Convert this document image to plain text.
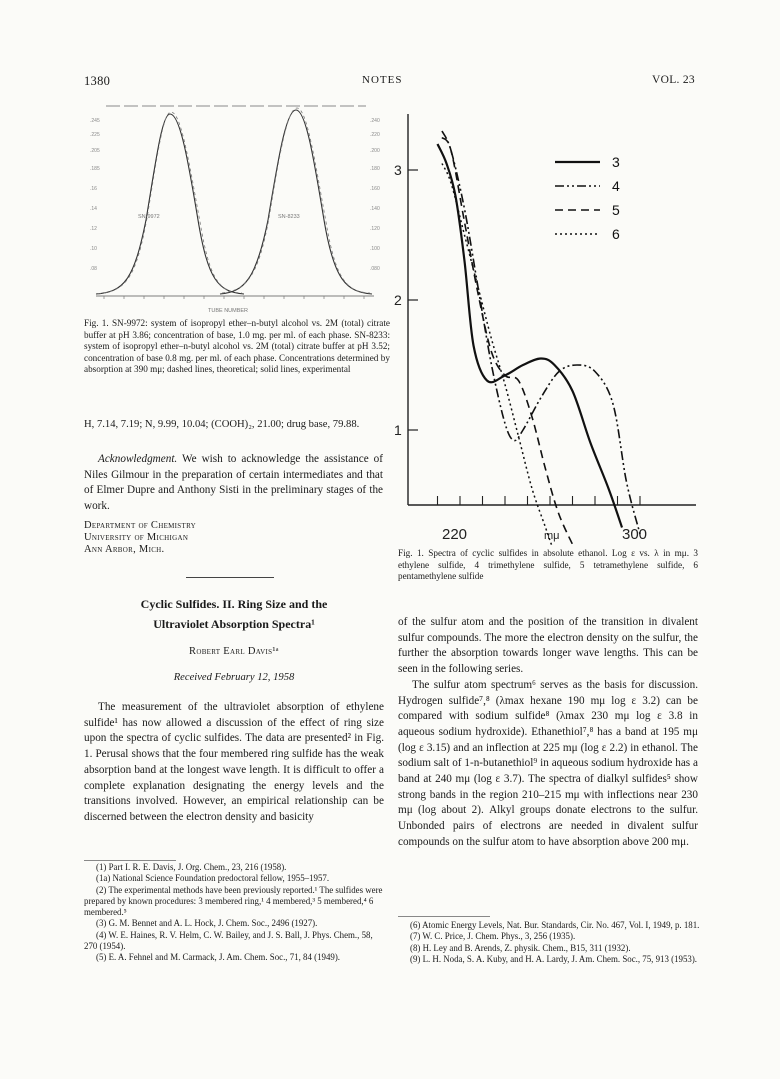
1380	NOTES	VOL. 23
.245
.225
.205
.185
.16
.14
.12
.10
.08
.240
.220
.200
.180
.160
.140
.120
.100
.080
SN-9972	SN-8233
TUBE NUMBER
Fig. 1. SN-9972: system of isopropyl ether–n-butyl alcohol vs. 2M (total) citrate buffer at pH 3.86; concentration of base, 1.0 mg. per ml. of each phase. SN-8233: system of isopropyl ether–n-butyl alcohol vs. 2M (total) citrate buffer at pH 3.52; concentration of base 0.8 mg. per ml. of each phase. Concentrations determined by absorption at 390 mμ; dashed lines, theoretical; solid lines, experimental
H, 7.14, 7.19; N, 9.99, 10.04; (COOH)₂, 21.00; drug base, 79.88.

Acknowledgment. We wish to acknowledge the assistance of Niles Gilmour in the preparation of certain intermediates and that of Elmer Dupre and Anthony Sisti in the preliminary stages of the work.

Department of Chemistry
University of Michigan
Ann Arbor, Mich.
Cyclic Sulfides. II. Ring Size and the
Ultraviolet Absorption Spectra¹
Robert Earl Davis¹ᵃ
Received February 12, 1958

The measurement of the ultraviolet absorption of ethylene sulfide¹ has now allowed a discussion of the effect of ring size upon the spectra of cyclic sulfides. The data are presented² in Fig. 1. Perusal shows that the four membered ring sulfide has the weak absorption band at the longest wave length. It is difficult to offer a complete explanation designating the energy levels and the transitions involved. However, an empirical relationship can be discerned between the electron density and basicity

(1) Part I. R. E. Davis, J. Org. Chem., 23, 216 (1958).
(1a) National Science Foundation predoctoral fellow, 1955–1957.
(2) The experimental methods have been previously reported.¹ The sulfides were prepared by known procedures: 3 membered ring,¹ 4 membered,³ 5 membered,⁴ 6 membered.⁵
(3) G. M. Bennet and A. L. Hock, J. Chem. Soc., 2496 (1927).
(4) W. E. Haines, R. V. Helm, C. W. Bailey, and J. S. Ball, J. Phys. Chem., 58, 270 (1954).
(5) E. A. Fehnel and M. Carmack, J. Am. Chem. Soc., 71, 84 (1949).
1
2
3
220	300
mμ
3
4
5
6
Fig. 1. Spectra of cyclic sulfides in absolute ethanol. Log ε vs. λ in mμ. 3 ethylene sulfide, 4 trimethylene sulfide, 5 tetramethylene sulfide, 6 pentamethylene sulfide

of the sulfur atom and the position of the transition in divalent sulfur compounds. The more the electron density on the sulfur, the further the absorption towards longer wave lengths. This can be seen in the following series.

The sulfur atom spectrum⁶ serves as the basis for discussion. Hydrogen sulfide⁷,⁸ (λmax hexane 190 mμ log ε 3.2) can be compared with sodium sulfide⁸ (λmax 230 mμ log ε 3.8 in aqueous sodium hydroxide). Ethanethiol⁷,⁸ has a band at 195 mμ (log ε 3.15) and an inflection at 225 mμ (log ε 2.2) in ethanol. The sodium salt of 1-n-butanethiol⁹ in aqueous sodium hydroxide has a band at 240 mμ (log ε 3.7). The spectra of dialkyl sulfides⁵ show strong bands in the region 210–215 mμ with inflections near 230 mμ (log about 2). Alkyl groups donate electrons to the sulfur. Unbonded pairs of electrons are needed in divalent sulfur compounds on the sulfur atom to have absorption above 200 mμ.

(6) Atomic Energy Levels, Nat. Bur. Standards, Cir. No. 467, Vol. I, 1949, p. 181.
(7) W. C. Price, J. Chem. Phys., 3, 256 (1935).
(8) H. Ley and B. Arends, Z. physik. Chem., B15, 311 (1932).
(9) L. H. Noda, S. A. Kuby, and H. A. Lardy, J. Am. Chem. Soc., 75, 913 (1953).
